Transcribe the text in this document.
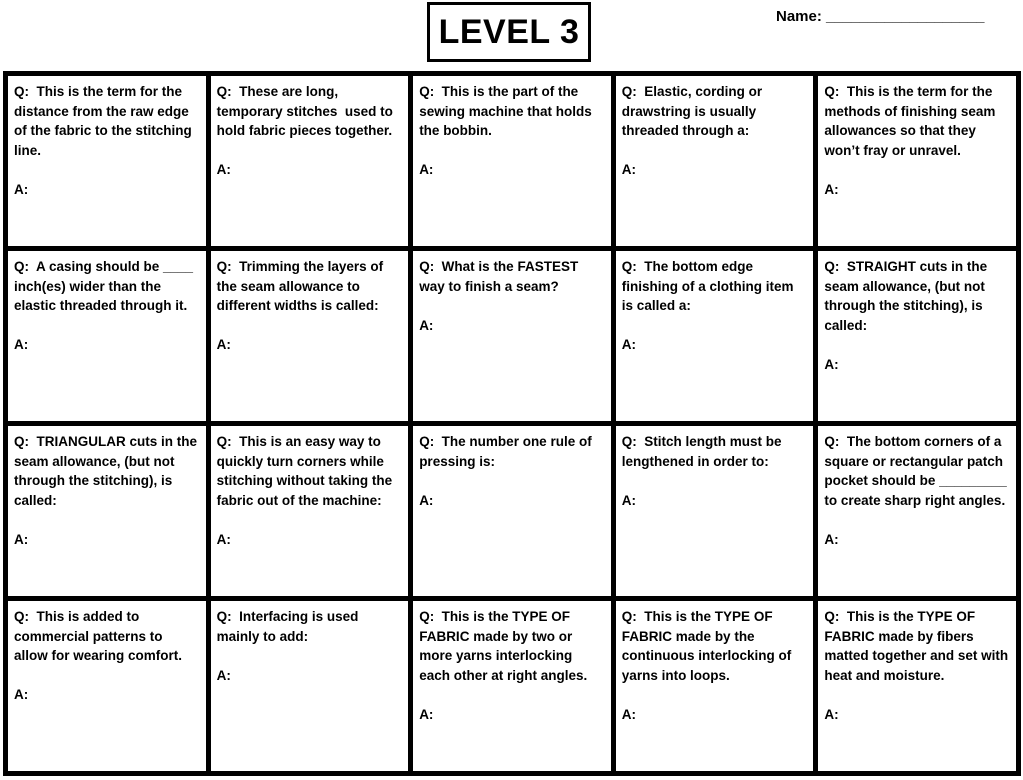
LEVEL 3	Name: ___________________

Q:  This is the term for the distance from the raw edge of the fabric to the stitching line.

A:

Q:  These are long, temporary stitches  used to hold fabric pieces together.

A:

Q:  This is the part of the sewing machine that holds the bobbin.

A:

Q:  Elastic, cording or drawstring is usually threaded through a:

A:

Q:  This is the term for the methods of finishing seam allowances so that they won’t fray or unravel.

A:

Q:  A casing should be ____ inch(es) wider than the elastic threaded through it.

A:

Q:  Trimming the layers of the seam allowance to different widths is called:

A:

Q:  What is the FASTEST way to finish a seam?

A:

Q:  The bottom edge finishing of a clothing item is called a:

A:

Q:  STRAIGHT cuts in the seam allowance, (but not through the stitching), is called:

A:

Q:  TRIANGULAR cuts in the seam allowance, (but not through the stitching), is called:

A:

Q:  This is an easy way to quickly turn corners while stitching without taking the fabric out of the machine:

A:

Q:  The number one rule of pressing is:

A:

Q:  Stitch length must be lengthened in order to:

A:

Q:  The bottom corners of a square or rectangular patch pocket should be _________ to create sharp right angles.

A:

Q:  This is added to commercial patterns to allow for wearing comfort.

A:

Q:  Interfacing is used mainly to add:

A:

Q:  This is the TYPE OF FABRIC made by two or more yarns interlocking each other at right angles.

A:

Q:  This is the TYPE OF FABRIC made by the continuous interlocking of yarns into loops.

A:

Q:  This is the TYPE OF FABRIC made by fibers matted together and set with heat and moisture.

A:
